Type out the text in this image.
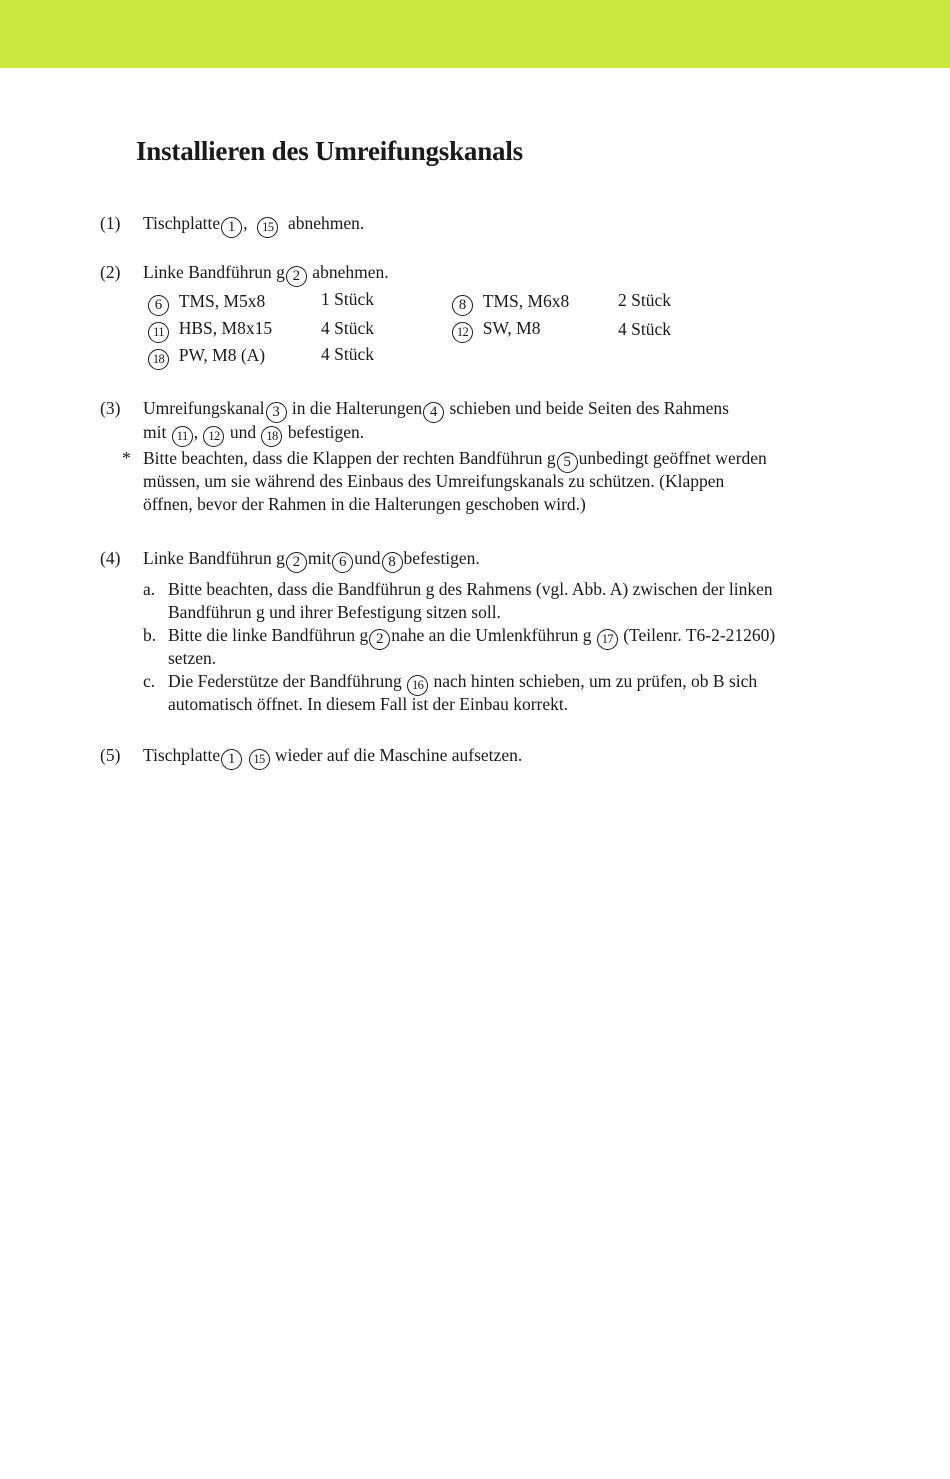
Installieren des Umreifungskanals
(1) Tischplatte 1 , 15 abnehmen.
(2) Linke Bandführun g 2 abnehmen.
6 TMS, M5x8	1 Stück	8 TMS, M6x8	2 Stück
11 HBS, M8x15	4 Stück	12 SW, M8	4 Stück
18 PW, M8 (A)	4 Stück
(3) Umreifungskanal 3 in die Halterungen 4 schieben und beide Seiten des Rahmens
mit 11 , 12 und 18 befestigen.
* Bitte beachten, dass die Klappen der rechten Bandführun g 5 unbedingt geöffnet werden
müssen, um sie während des Einbaus des Umreifungskanals zu schützen. (Klappen
öffnen, bevor der Rahmen in die Halterungen geschoben wird.)
(4) Linke Bandführun g 2 mit 6 und 8 befestigen.
a. Bitte beachten, dass die Bandführun g des Rahmens (vgl. Abb. A) zwischen der linken
Bandführun g und ihrer Befestigung sitzen soll.
b. Bitte die linke Bandführun g 2 nahe an die Umlenkführun g 17 (Teilenr. T6-2-21260)
setzen.
c. Die Federstütze der Bandführung 16 nach hinten schieben, um zu prüfen, ob B sich
automatisch öffnet. In diesem Fall ist der Einbau korrekt.
(5) Tischplatte 1 15 wieder auf die Maschine aufsetzen.
